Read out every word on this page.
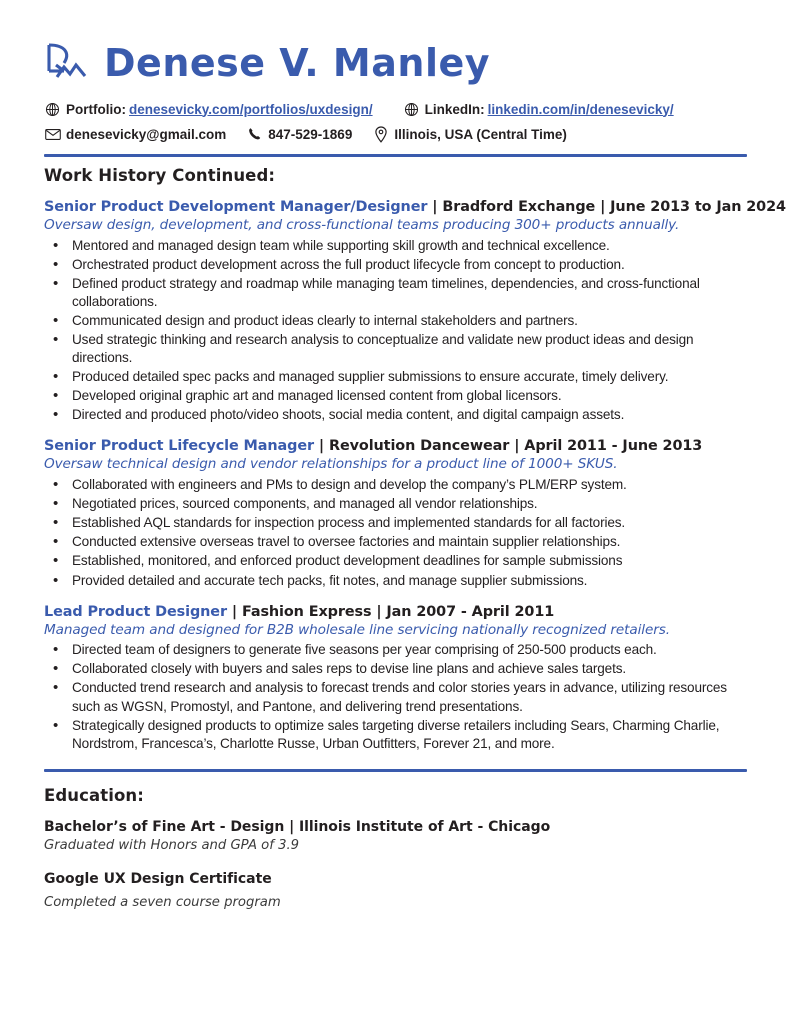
Denese V. Manley
Portfolio: denesevicky.com/portfolios/uxdesign/	LinkedIn: linkedin.com/in/denesevicky/
denesevicky@gmail.com	847-529-1869	Illinois, USA (Central Time)
Work History Continued:
Senior Product Development Manager/Designer | Bradford Exchange | June 2013 to Jan 2024
Oversaw design, development, and cross-functional teams producing 300+ products annually.
• Mentored and managed design team while supporting skill growth and technical excellence.
• Orchestrated product development across the full product lifecycle from concept to production.
• Defined product strategy and roadmap while managing team timelines, dependencies, and cross-functional collaborations.
• Communicated design and product ideas clearly to internal stakeholders and partners.
• Used strategic thinking and research analysis to conceptualize and validate new product ideas and design directions.
• Produced detailed spec packs and managed supplier submissions to ensure accurate, timely delivery.
• Developed original graphic art and managed licensed content from global licensors.
• Directed and produced photo/video shoots, social media content, and digital campaign assets.
Senior Product Lifecycle Manager | Revolution Dancewear | April 2011 - June 2013
Oversaw technical design and vendor relationships for a product line of 1000+ SKUS.
• Collaborated with engineers and PMs to design and develop the company’s PLM/ERP system.
• Negotiated prices, sourced components, and managed all vendor relationships.
• Established AQL standards for inspection process and implemented standards for all factories.
• Conducted extensive overseas travel to oversee factories and maintain supplier relationships.
• Established, monitored, and enforced product development deadlines for sample submissions
• Provided detailed and accurate tech packs, fit notes, and manage supplier submissions.
Lead Product Designer | Fashion Express | Jan 2007 - April 2011
Managed team and designed for B2B wholesale line servicing nationally recognized retailers.
• Directed team of designers to generate five seasons per year comprising of 250-500 products each.
• Collaborated closely with buyers and sales reps to devise line plans and achieve sales targets.
• Conducted trend research and analysis to forecast trends and color stories years in advance, utilizing resources such as WGSN, Promostyl, and Pantone, and delivering trend presentations.
• Strategically designed products to optimize sales targeting diverse retailers including Sears, Charming Charlie, Nordstrom, Francesca’s, Charlotte Russe, Urban Outfitters, Forever 21, and more.
Education:
Bachelor’s of Fine Art - Design | Illinois Institute of Art - Chicago
Graduated with Honors and GPA of 3.9
Google UX Design Certificate
Completed a seven course program
